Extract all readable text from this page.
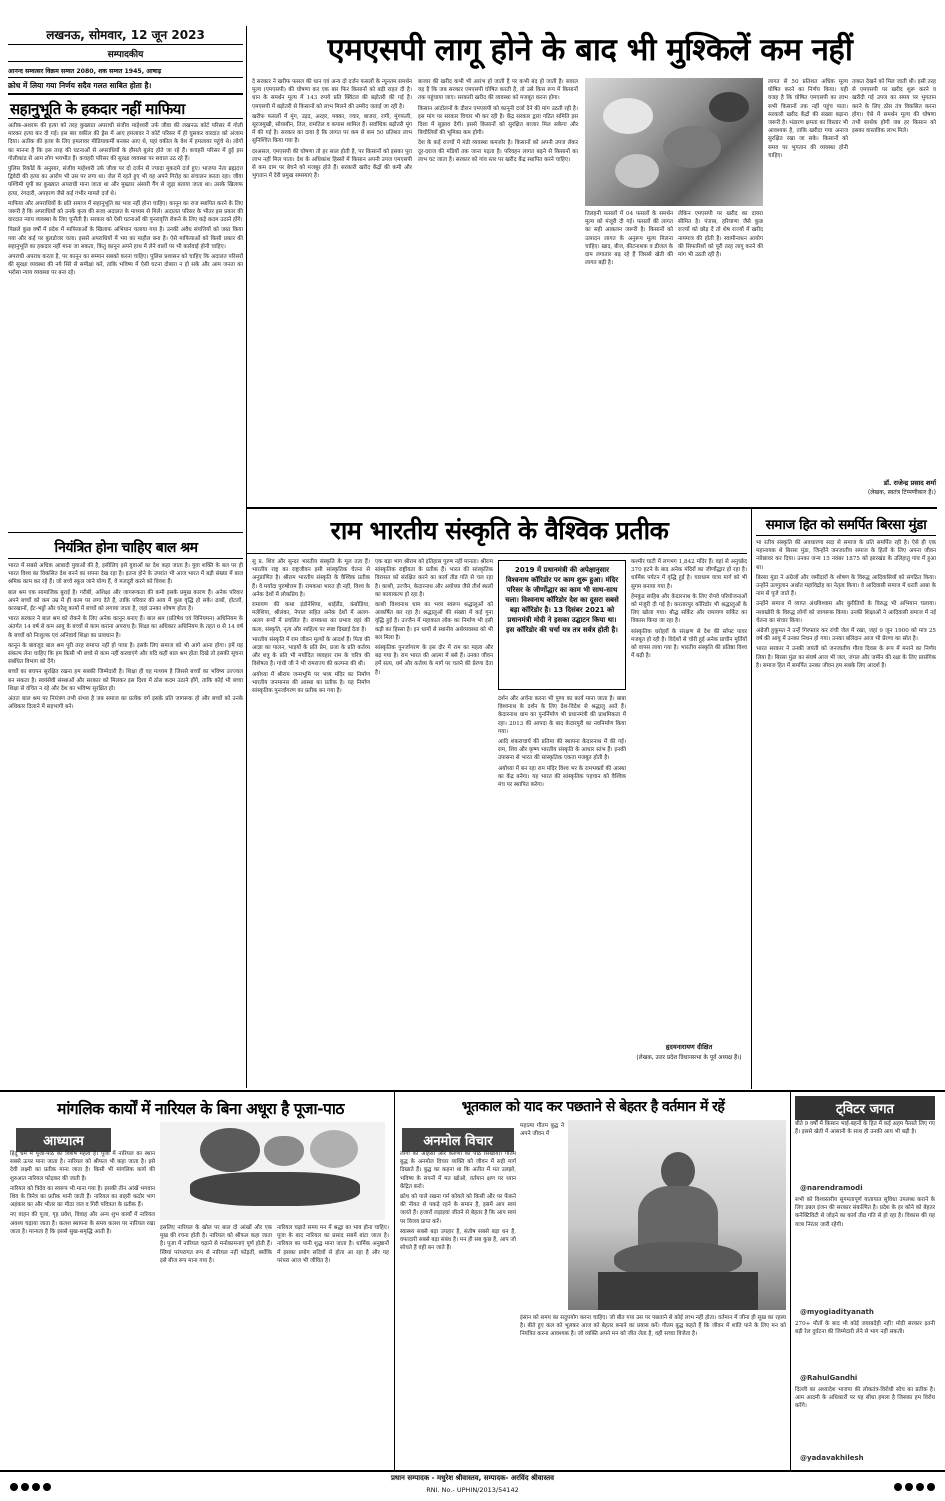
लखनऊ, सोमवार, 12 जून 2023
सम्पादकीय
आनन्द सम्वत्सर विक्रम सम्वत 2080, शक सम्वत 1945, आषाढ़
क्रोध में लिया गया निर्णय सदैव गलत साबित होता है।
एमएसपी लागू होने के बाद भी मुश्किलें कम नहीं
सहानुभूति के हकदार नहीं माफिया

अतीक-अशरफ की हत्या को तरह कुख्यात अपराधी संजीव माहेश्वरी उर्फ जीवा की लखनऊ कोर्ट परिसर में गोली मारकर हत्या कर दी गई। इस बार वकील की ड्रेस में आए हमलावर ने कोर्ट परिसर में ही घुसकर वारदात को अंजाम दिया। अतीक की हत्या के लिए हमलावर मीडियाकर्मी बनकर आए थे, यहां वकील के वेश में हमलावर पहुंचे थे। लोगों का मानना है कि इस तरह की घटनाओं से अपराधियों के हौसले बुलंद होते जा रहे हैं। कचहरी परिसर में हुई इस गोलीकांड से आम लोग भयभीत हैं। कचहरी परिसर की सुरक्षा व्यवस्था पर सवाल उठ रहे हैं।

पुलिस रिकॉर्ड के अनुसार, संजीव माहेश्वरी उर्फ जीवा पर दो दर्जन से ज्यादा मुकदमे दर्ज हुए। भाजपा नेता ब्रह्मदत्त द्विवेदी की हत्या का आरोप भी उस पर लगा था। जेल में रहते हुए भी वह अपने गिरोह का संचालन करता रहा। जीवा पश्चिमी यूपी का कुख्यात अपराधी माना जाता था और मुख्तार अंसारी गैंग से जुड़ा बताया जाता था। उसके खिलाफ हत्या, रंगदारी, अपहरण जैसे कई गंभीर मामले दर्ज थे।

माफिया और अपराधियों के प्रति समाज में सहानुभूति का भाव नहीं होना चाहिए। कानून का राज स्थापित करने के लिए जरूरी है कि अपराधियों को उनके कृत्य की सजा अदालत के माध्यम से मिले। अदालत परिसर के भीतर इस प्रकार की वारदात न्याय व्यवस्था के लिए चुनौती है। सरकार को ऐसी घटनाओं की पुनरावृत्ति रोकने के लिए कड़े कदम उठाने होंगे।

पिछले कुछ वर्षों में प्रदेश में माफियाओं के खिलाफ अभियान चलाया गया है। उनकी अवैध संपत्तियों को जब्त किया गया और कई पर बुलडोजर चला। इससे अपराधियों में भय का माहौल बना है। ऐसे माफियाओं को किसी प्रकार की सहानुभूति का हकदार नहीं माना जा सकता, किंतु कानून अपने हाथ में लेने वालों पर भी कार्रवाई होनी चाहिए।

अपराधी अपराध करता है, पर कानून का सम्मान सबको करना चाहिए। पुलिस प्रशासन को चाहिए कि अदालत परिसरों की सुरक्षा व्यवस्था की नये सिरे से समीक्षा करे, ताकि भविष्य में ऐसी घटना दोबारा न हो सके और आम जनता का भरोसा न्याय व्यवस्था पर बना रहे।

नियंत्रित होना चाहिए बाल श्रम

भारत में सबसे अधिक आबादी युवाओं की है, इसीलिए इसे युवाओं का देश कहा जाता है। युवा शक्ति के बल पर ही भारत विश्व का विकसित देश बनने का सपना देख रहा है। इतना होने के उपरांत भी आज भारत में बड़ी संख्या में बाल श्रमिक काम कर रहे हैं। जो बच्चे स्कूल जाने योग्य हैं, वे मजदूरी करने को विवश हैं।

बाल श्रम एक सामाजिक बुराई है। गरीबी, अशिक्षा और जागरूकता की कमी इसके प्रमुख कारण हैं। अनेक परिवार अपने बच्चों को कम उम्र में ही काम पर लगा देते हैं, ताकि परिवार की आय में कुछ वृद्धि हो सके। ढाबों, होटलों, कारखानों, ईंट-भट्ठों और घरेलू कामों में बच्चों को लगाया जाता है, जहां उनका शोषण होता है।

भारत सरकार ने बाल श्रम को रोकने के लिए अनेक कानून बनाए हैं। बाल श्रम (प्रतिषेध एवं विनियमन) अधिनियम के अंतर्गत 14 वर्ष से कम आयु के बच्चों से काम कराना अपराध है। शिक्षा का अधिकार अधिनियम के तहत 6 से 14 वर्ष के बच्चों को निःशुल्क एवं अनिवार्य शिक्षा का प्रावधान है।

कानून के बावजूद बाल श्रम पूरी तरह समाप्त नहीं हो पाया है। इसके लिए समाज को भी आगे आना होगा। हमें यह संकल्प लेना चाहिए कि हम किसी भी बच्चे से काम नहीं करवाएंगे और यदि कहीं बाल श्रम होता दिखे तो इसकी सूचना संबंधित विभाग को देंगे।

बच्चों का बचपन सुरक्षित रखना हम सबकी जिम्मेदारी है। शिक्षा ही वह माध्यम है जिससे बच्चों का भविष्य उज्ज्वल बन सकता है। स्वयंसेवी संस्थाओं और सरकार को मिलकर इस दिशा में ठोस कदम उठाने होंगे, ताकि कोई भी बच्चा शिक्षा से वंचित न रहे और देश का भविष्य सुरक्षित हो।

अंततः बाल श्रम पर नियंत्रण तभी संभव है जब समाज का प्रत्येक वर्ग इसके प्रति जागरूक हो और बच्चों को उनके अधिकार दिलाने में सहभागी बने।

दे सरकार ने खरीफ फसल की धान एवं अन्य दो दर्जन फसलों के न्यूनतम समर्थन मूल्य (एमएसपी) की घोषणा कर एक बार फिर किसानों को बड़ी राहत दी है। धान के समर्थन मूल्य में 143 रुपये प्रति क्विंटल की बढ़ोतरी की गई है। एमएसपी में बढ़ोतरी से किसानों को लाभ मिलने की उम्मीद जताई जा रही है।

खरीफ फसलों में मूंग, उड़द, अरहर, मक्का, ज्वार, बाजरा, रागी, मूंगफली, सूरजमुखी, सोयाबीन, तिल, रामतिल व कपास शामिल हैं। सर्वाधिक बढ़ोतरी मूंग में की गई है। सरकार का दावा है कि लागत पर कम से कम 50 प्रतिशत लाभ सुनिश्चित किया गया है।

दरअसल, एमएसपी की घोषणा तो हर साल होती है, पर किसानों को इसका पूरा लाभ नहीं मिल पाता। देश के अधिकांश हिस्सों में किसान अपनी उपज एमएसपी से कम दाम पर बेचने को मजबूर होते हैं। सरकारी खरीद केंद्रों की कमी और भुगतान में देरी प्रमुख समस्याएं हैं।

बाजार की खरीद कभी भी आरंभ हो जाती है पर कभी बंद हो जाती है। सवाल यह है कि जब सरकार एमएसपी घोषित करती है, तो उसे किस रूप में किसानों तक पहुंचाया जाए। सरकारी खरीद की व्यवस्था को मजबूत करना होगा।

किसान आंदोलनों के दौरान एमएसपी को कानूनी दर्जा देने की मांग उठती रही है। इस मांग पर सरकार विचार भी कर रही है। केंद्र सरकार द्वारा गठित समिति इस दिशा में सुझाव देगी। इससे किसानों को सुरक्षित बाजार मिल सकेगा और बिचौलियों की भूमिका कम होगी।

देश के कई राज्यों में मंडी व्यवस्था कमजोर है। किसानों को अपनी उपज लेकर दूर-दराज की मंडियों तक जाना पड़ता है। परिवहन लागत बढ़ने से किसानों का लाभ घट जाता है। सरकार को गांव स्तर पर खरीद केंद्र स्थापित करने चाहिए।

तिलहनी फसलों में 04 फसलों के समर्थन मूल्य को मंजूरी दी गई। फसलों की लागत का सही आकलन जरूरी है। किसानों को उत्पादन लागत के अनुरूप मूल्य मिलना चाहिए। खाद, बीज, कीटनाशक व डीजल के दाम लगातार बढ़ रहे हैं जिससे खेती की लागत बढ़ी है।

लेकिन एमएसपी पर खरीद का दायरा सीमित है। पंजाब, हरियाणा जैसे कुछ राज्यों को छोड़ दें तो शेष राज्यों में खरीद नाममात्र की होती है। स्वामीनाथन आयोग की सिफारिशों को पूरी तरह लागू करने की मांग भी उठती रही है।

लागत से 50 प्रतिशत अधिक मूल्य घोषित करने का निर्णय किया। यही वजह है कि घोषित एमएसपी का लाभ सभी किसानों तक नहीं पहुंच पाता। सरकारी खरीद केंद्रों की संख्या बढ़ाना जरूरी है। भंडारण क्षमता का विस्तार भी आवश्यक है, ताकि खरीदा गया अनाज सुरक्षित रखा जा सके। किसानों को समय पर भुगतान की व्यवस्था होनी चाहिए।

ताकत देखने को मिल जाती थी। इसी तरह से एमएसपी पर खरीद शुरू करने व खरीदी गई उपज का समय पर भुगतान करने के लिए ठोस तंत्र विकसित करना होगा। ऐसे में समर्थन मूल्य की घोषणा तभी सार्थक होगी जब हर किसान को इसका वास्तविक लाभ मिले।

डॉ. राजेन्द्र प्रसाद शर्मा
(लेखक, स्वतंत्र टिप्पणीकार हैं।)
राम भारतीय संस्कृति के वैश्विक प्रतीक

सु प्र. शिव और सुन्दर भारतीय संस्कृति के मूल तत्व हैं। भारतीय राष्ट्र का राष्ट्रजीवन इसी सांस्कृतिक चेतना से अनुप्राणित है। श्रीराम भारतीय संस्कृति के वैश्विक प्रतीक हैं। वे मर्यादा पुरुषोत्तम हैं। रामकथा भारत ही नहीं, विश्व के अनेक देशों में लोकप्रिय है।

रामायण की कथा इंडोनेशिया, थाईलैंड, कंबोडिया, मलेशिया, श्रीलंका, नेपाल सहित अनेक देशों में अलग-अलग रूपों में प्रचलित है। रामकथा का प्रभाव वहां की कला, संस्कृति, नृत्य और साहित्य पर स्पष्ट दिखाई देता है।

भारतीय संस्कृति में राम जीवन मूल्यों के आदर्श हैं। पिता की आज्ञा का पालन, भाइयों के प्रति प्रेम, प्रजा के प्रति कर्तव्य और शत्रु के प्रति भी मर्यादित व्यवहार राम के चरित्र की विशेषता है। गांधी जी ने भी रामराज्य की कल्पना की थी।

अयोध्या में श्रीराम जन्मभूमि पर भव्य मंदिर का निर्माण भारतीय जनमानस की आस्था का प्रतीक है। यह निर्माण सांस्कृतिक पुनर्जागरण का प्रतीक बन गया है।

एक बड़ा भाग श्रीराम को इतिहास पुरुष नहीं मानता। श्रीराम सांस्कृतिक राष्ट्रीयता के प्रतीक हैं। भारत की सांस्कृतिक विरासत को संरक्षित करने का कार्य तीव्र गति से चल रहा है। काशी, उज्जैन, केदारनाथ और अयोध्या जैसे तीर्थ स्थलों का कायाकल्प हो रहा है।

काशी विश्वनाथ धाम का भव्य स्वरूप श्रद्धालुओं को आकर्षित कर रहा है। श्रद्धालुओं की संख्या में कई गुना वृद्धि हुई है। उज्जैन में महाकाल लोक का निर्माण भी इसी कड़ी का हिस्सा है। इन धामों से स्थानीय अर्थव्यवस्था को भी बल मिला है।

सांस्कृतिक पुनर्जागरण के इस दौर में राम का महत्व और बढ़ गया है। राम भारत की आत्मा में बसे हैं। उनका जीवन हमें सत्य, धर्म और कर्तव्य के मार्ग पर चलने की प्रेरणा देता है।

2019 में प्रधानमंत्री की अपेक्षानुसार विश्वनाथ कॉरिडोर पर काम शुरू हुआ। मंदिर परिसर के जीर्णोद्धार का काम भी साथ-साथ चला। विश्वनाथ कॉरिडोर देश का दूसरा सबसे बड़ा कॉरिडोर है। 13 दिसंबर 2021 को प्रधानमंत्री मोदी ने इसका उद्घाटन किया था। इस कॉरिडोर की चर्चा यत्र तत्र सर्वत्र होती है।

दर्शन और अर्चना करना भी पुण्य का कार्य माना जाता है। बाबा विश्वनाथ के दर्शन के लिए देश-विदेश से श्रद्धालु आते हैं। केदारनाथ धाम का पुनर्निर्माण भी प्रधानमंत्री की प्राथमिकता में रहा। 2013 की आपदा के बाद केदारपुरी का नवनिर्माण किया गया।

आदि शंकराचार्य की प्रतिमा की स्थापना केदारनाथ में की गई। राम, शिव और कृष्ण भारतीय संस्कृति के आधार स्तंभ हैं। इनकी उपासना से भारत की सांस्कृतिक एकता मजबूत होती है।

अयोध्या में बन रहा राम मंदिर विश्व भर के रामभक्तों की आस्था का केंद्र बनेगा। यह भारत की सांस्कृतिक पहचान को वैश्विक मंच पर स्थापित करेगा।

कश्मीर घाटी में लगभग 1,842 मंदिर हैं। वहां से अनुच्छेद 370 हटने के बाद अनेक मंदिरों का जीर्णोद्धार हो रहा है। धार्मिक पर्यटन में वृद्धि हुई है। चारधाम यात्रा मार्ग को भी सुगम बनाया गया है।

हेमकुंड साहिब और केदारनाथ के लिए रोपवे परियोजनाओं को मंजूरी दी गई है। करतारपुर कॉरिडोर भी श्रद्धालुओं के लिए खोला गया। बौद्ध सर्किट और रामायण सर्किट का विकास किया जा रहा है।

सांस्कृतिक धरोहरों के संरक्षण से देश की सॉफ्ट पावर मजबूत हो रही है। विदेशों से चोरी हुई अनेक प्राचीन मूर्तियों को वापस लाया गया है। भारतीय संस्कृति की प्रतिष्ठा विश्व में बढ़ी है।

हृदयनारायण दीक्षित
(लेखक, उत्तर प्रदेश विधानसभा के पूर्व अध्यक्ष हैं।)
समाज हित को समर्पित बिरसा मुंडा

भा रतीय संस्कृति की अवधारणा सदा से समाज के प्रति समर्पित रही है। ऐसे ही एक महानायक थे बिरसा मुंडा, जिन्होंने जनजातीय समाज के हितों के लिए अपना जीवन न्योछावर कर दिया। उनका जन्म 15 नवंबर 1875 को झारखंड के उलिहातु गांव में हुआ था।

बिरसा मुंडा ने अंग्रेजों और जमींदारों के शोषण के विरुद्ध आदिवासियों को संगठित किया। उन्होंने उलगुलान अर्थात महाविद्रोह का नेतृत्व किया। वे आदिवासी समाज में धरती आबा के नाम से पूजे जाते हैं।

उन्होंने समाज में व्याप्त अंधविश्वास और कुरीतियों के विरुद्ध भी अभियान चलाया। नशाखोरी के विरुद्ध लोगों को जागरूक किया। उनकी शिक्षाओं ने आदिवासी समाज में नई चेतना का संचार किया।

अंग्रेजी हुकूमत ने उन्हें गिरफ्तार कर रांची जेल में रखा, जहां 9 जून 1900 को मात्र 25 वर्ष की आयु में उनका निधन हो गया। उनका बलिदान आज भी प्रेरणा का स्रोत है।

भारत सरकार ने उनकी जयंती को जनजातीय गौरव दिवस के रूप में मनाने का निर्णय लिया है। बिरसा मुंडा का संघर्ष आज भी जल, जंगल और जमीन की रक्षा के लिए प्रासंगिक है। समाज हित में समर्पित उनका जीवन हम सबके लिए आदर्श है।

मांगलिक कार्यों में नारियल के बिना अधूरा है पूजा-पाठ
आध्यात्म

हिंदू धर्म में पूजा-पाठ का विशेष महत्व है। पूजा में नारियल का स्थान सबसे ऊपर माना जाता है। नारियल को श्रीफल भी कहा जाता है। इसे देवी लक्ष्मी का प्रतीक माना जाता है। किसी भी मांगलिक कार्य की शुरुआत नारियल फोड़कर की जाती है।

नारियल को त्रिदेव का स्वरूप भी माना गया है। इसकी तीन आंखें भगवान शिव के त्रिनेत्र का प्रतीक मानी जाती हैं। नारियल का बाहरी कठोर भाग अहंकार का और भीतर का मीठा जल व गिरी पवित्रता के प्रतीक हैं।

नए वाहन की पूजा, गृह प्रवेश, विवाह और अन्य शुभ कार्यों में नारियल अवश्य चढ़ाया जाता है। कलश स्थापना के समय कलश पर नारियल रखा जाता है। मान्यता है कि इससे सुख-समृद्धि आती है।

इसलिए नारियल के खोल पर बाल दो आंखों और एक मुख की रचना होती है। नारियल को श्रीफल कहा जाता है। पूजा में नारियल चढ़ाने से मनोकामनाएं पूर्ण होती हैं। स्त्रियां परंपरागत रूप से नारियल नहीं फोड़तीं, क्योंकि इसे बीज रूप माना गया है।

नारियल चढ़ाते समय मन में श्रद्धा का भाव होना चाहिए। पूजा के बाद नारियल का प्रसाद सबमें बांटा जाता है। नारियल का पानी शुद्ध माना जाता है। धार्मिक अनुष्ठानों में इसका प्रयोग सदियों से होता आ रहा है और यह परंपरा आज भी जीवित है।

भूतकाल को याद कर पछताने से बेहतर है वर्तमान में रहें
अनमोल विचार

लोगों को अहिंसा और करुणा का पाठ सिखाया। गौतम बुद्ध के अनमोल विचार व्यक्ति को जीवन में सही मार्ग दिखाते हैं। बुद्ध का कहना था कि अतीत में मत उलझो, भविष्य के सपनों में मत खोओ, वर्तमान क्षण पर ध्यान केंद्रित करो।

क्रोध को पाले रखना गर्म कोयले को किसी और पर फेंकने की नीयत से पकड़े रहने के समान है, इसमें आप स्वयं जलते हैं। हजारों लड़ाइयां जीतने से बेहतर है कि आप स्वयं पर विजय प्राप्त करें।

स्वास्थ्य सबसे बड़ा उपहार है, संतोष सबसे बड़ा धन है, वफादारी सबसे बड़ा संबंध है। मन ही सब कुछ है, आप जो सोचते हैं वही बन जाते हैं।

महात्मा गौतम बुद्ध ने अपने जीवन में

इंसान को समय का सदुपयोग करना चाहिए। जो बीत गया उस पर पछताने से कोई लाभ नहीं होता। वर्तमान में जीना ही सुख का रहस्य है। बीते हुए कल को भूलकर आज को बेहतर बनाने का प्रयास करें। गौतम बुद्ध कहते हैं कि जीवन में शांति पाने के लिए मन को नियंत्रित करना आवश्यक है। जो व्यक्ति अपने मन को जीत लेता है, वही सच्चा विजेता है।

ट्विटर जगत

बीते 9 वर्षों में किसान भाई-बहनों के हित में कई अहम फैसले लिए गए हैं। इससे खेती में आसानी के साथ ही उनकी आय भी बढ़ी है।

@narendramodi

सभी को विश्वस्तरीय सुगमतापूर्ण यातायात सुविधा उपलब्ध कराने के लिए डबल इंजन की सरकार संकल्पित है। प्रदेश के हर कोने को बेहतर कनेक्टिविटी से जोड़ने का कार्य तीव्र गति से हो रहा है। विकास की यह यात्रा निरंतर जारी रहेगी।

@myogiadityanath

270+ मौतों के बाद भी कोई जवाबदेही नहीं! मोदी सरकार इतनी बड़ी रेल दुर्घटना की जिम्मेदारी लेने से भाग नहीं सकती।

@RahulGandhi

दिल्ली का अध्यादेश भाजपा की लोकतंत्र-विरोधी सोच का प्रतीक है। आम आदमी के अधिकारों पर यह सीधा हमला है जिसका हम विरोध करेंगे।

@yadavakhilesh
प्रधान सम्पादक - मधुरेश श्रीवास्तव, सम्पादक- अरविंद श्रीवास्तव
RNI. No.- UPHIN/2013/54142
